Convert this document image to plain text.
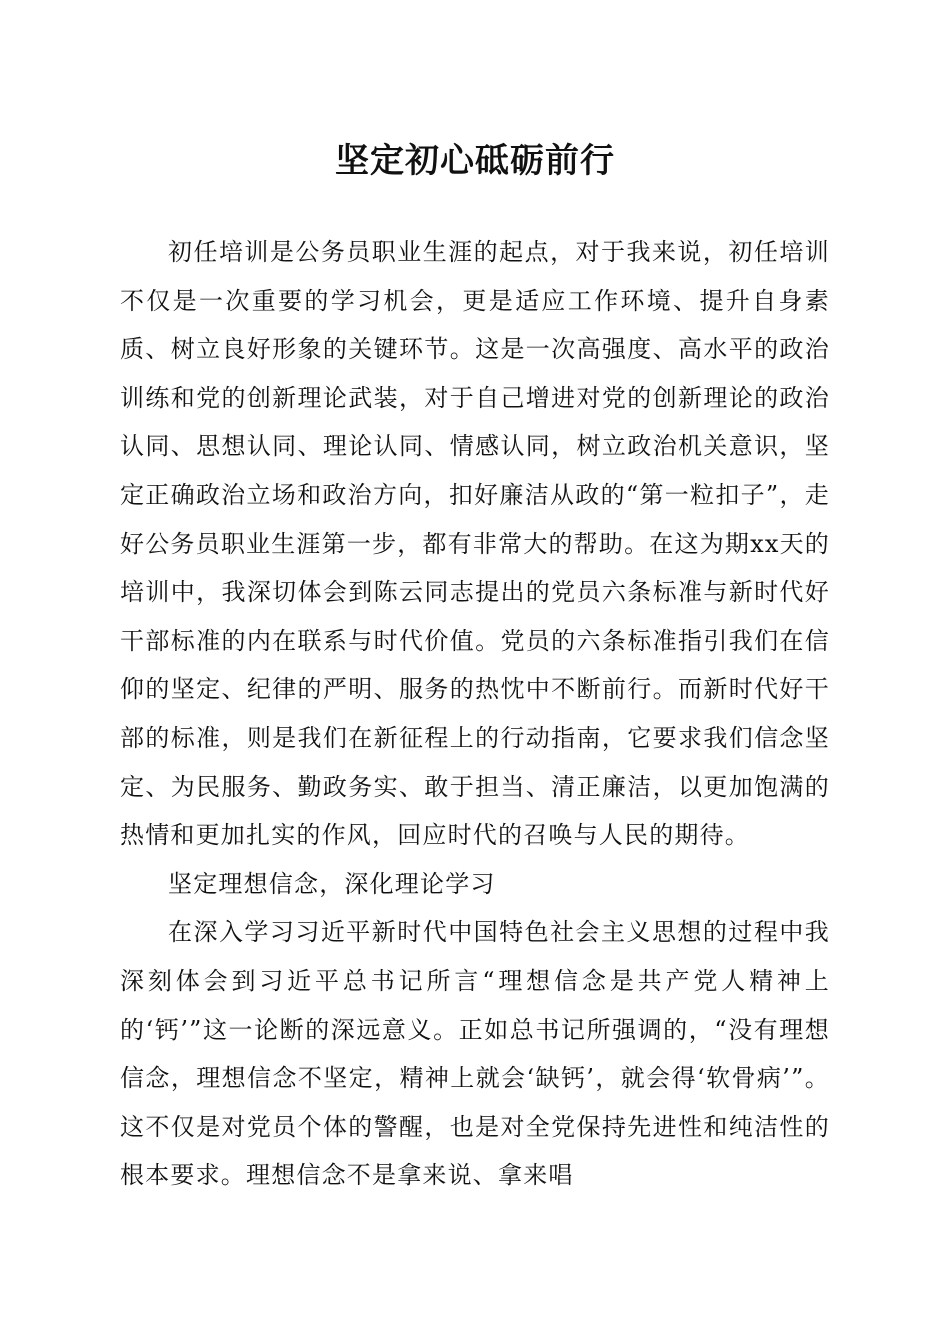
坚定初心砥砺前行

初任培训是公务员职业生涯的起点，对于我来说，初任培训不仅是一次重要的学习机会，更是适应工作环境、提升自身素质、树立良好形象的关键环节。这是一次高强度、高水平的政治训练和党的创新理论武装，对于自己增进对党的创新理论的政治认同、思想认同、理论认同、情感认同，树立政治机关意识，坚定正确政治立场和政治方向，扣好廉洁从政的“第一粒扣子”，走好公务员职业生涯第一步，都有非常大的帮助。在这为期xx天的培训中，我深切体会到陈云同志提出的党员六条标准与新时代好干部标准的内在联系与时代价值。党员的六条标准指引我们在信仰的坚定、纪律的严明、服务的热忱中不断前行。而新时代好干部的标准，则是我们在新征程上的行动指南，它要求我们信念坚定、为民服务、勤政务实、敢于担当、清正廉洁，以更加饱满的热情和更加扎实的作风，回应时代的召唤与人民的期待。

坚定理想信念，深化理论学习

在深入学习习近平新时代中国特色社会主义思想的过程中我深刻体会到习近平总书记所言“理想信念是共产党人精神上的‘钙’”这一论断的深远意义。正如总书记所强调的，“没有理想信念，理想信念不坚定，精神上就会‘缺钙’，就会得‘软骨病’”。这不仅是对党员个体的警醒，也是对全党保持先进性和纯洁性的根本要求。理想信念不是拿来说、拿来唱
